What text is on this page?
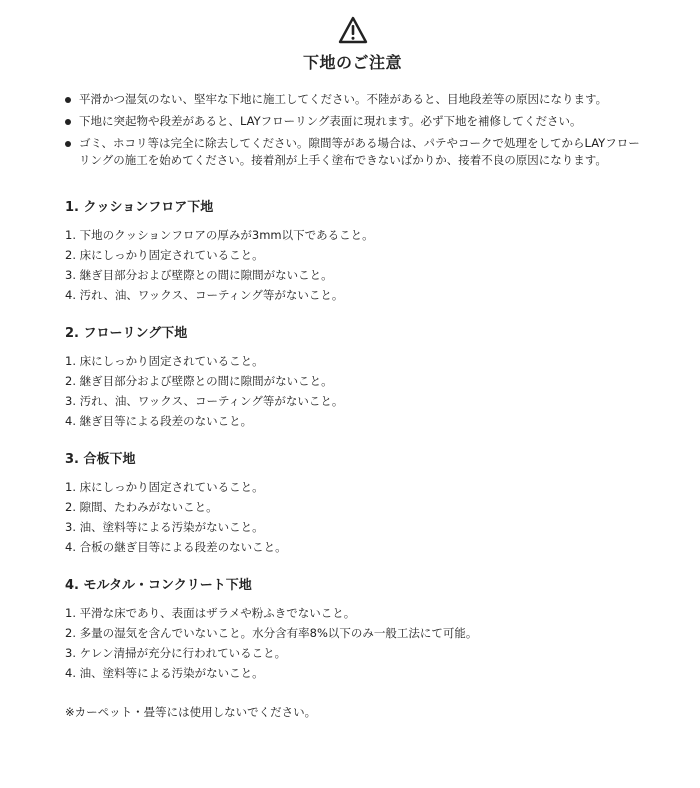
下地のご注意
平滑かつ湿気のない、堅牢な下地に施工してください。不陸があると、目地段差等の原因になります。
下地に突起物や段差があると、LAYフローリング表面に現れます。必ず下地を補修してください。
ゴミ、ホコリ等は完全に除去してください。隙間等がある場合は、パテやコークで処理をしてからLAYフローリングの施工を始めてください。接着剤が上手く塗布できないばかりか、接着不良の原因になります。
1. クッションフロア下地
1. 下地のクッションフロアの厚みが3mm以下であること。
2. 床にしっかり固定されていること。
3. 継ぎ目部分および壁際との間に隙間がないこと。
4. 汚れ、油、ワックス、コーティング等がないこと。
2. フローリング下地
1. 床にしっかり固定されていること。
2. 継ぎ目部分および壁際との間に隙間がないこと。
3. 汚れ、油、ワックス、コーティング等がないこと。
4. 継ぎ目等による段差のないこと。
3. 合板下地
1. 床にしっかり固定されていること。
2. 隙間、たわみがないこと。
3. 油、塗料等による汚染がないこと。
4. 合板の継ぎ目等による段差のないこと。
4. モルタル・コンクリート下地
1. 平滑な床であり、表面はザラメや粉ふきでないこと。
2. 多量の湿気を含んでいないこと。水分含有率8%以下のみ一般工法にて可能。
3. ケレン清掃が充分に行われていること。
4. 油、塗料等による汚染がないこと。

※カーペット・畳等には使用しないでください。
